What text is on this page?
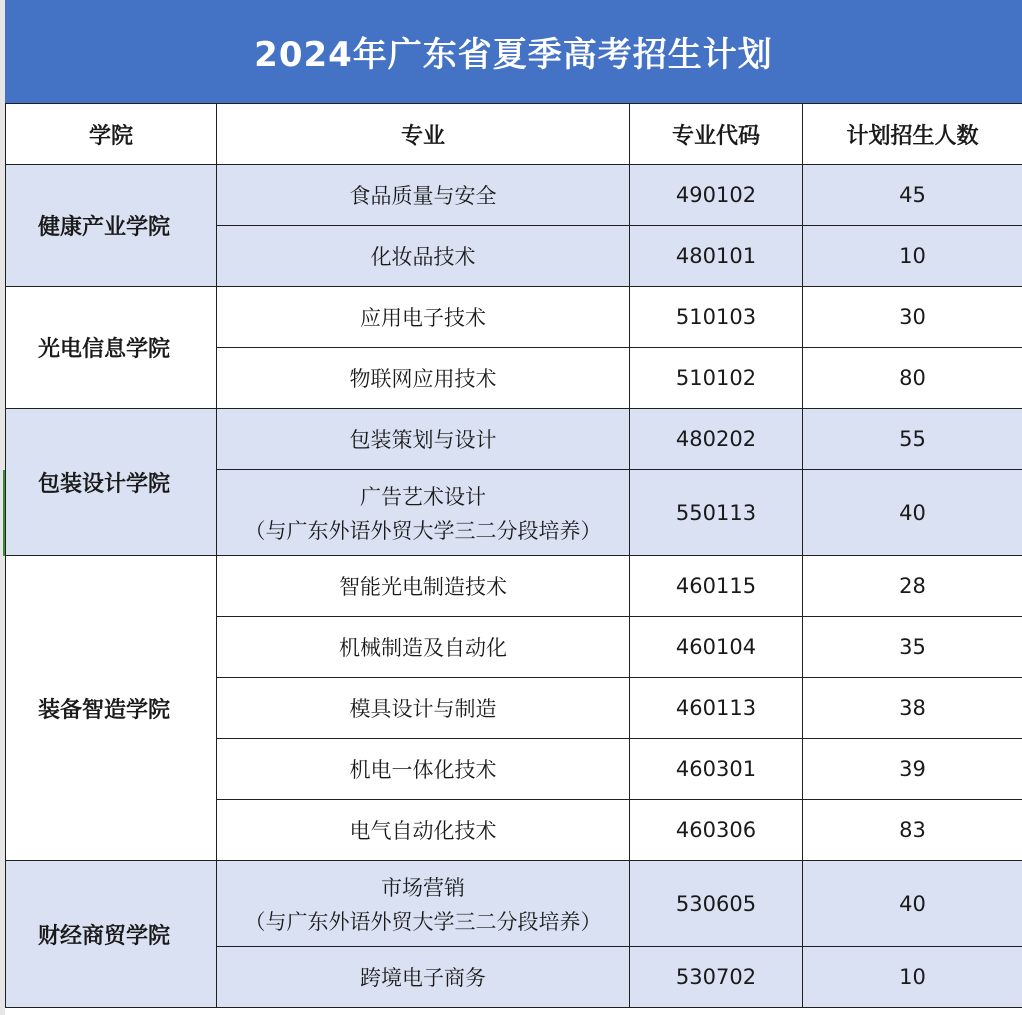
2024年广东省夏季高考招生计划
学院	专业	专业代码	计划招生人数
健康产业学院	食品质量与安全	490102	45
	化妆品技术	480101	10
光电信息学院	应用电子技术	510103	30
	物联网应用技术	510102	80
包装设计学院	包装策划与设计	480202	55
	广告艺术设计
（与广东外语外贸大学三二分段培养）	550113	40
装备智造学院	智能光电制造技术	460115	28
	机械制造及自动化	460104	35
	模具设计与制造	460113	38
	机电一体化技术	460301	39
	电气自动化技术	460306	83
财经商贸学院	市场营销
（与广东外语外贸大学三二分段培养）	530605	40
	跨境电子商务	530702	10
